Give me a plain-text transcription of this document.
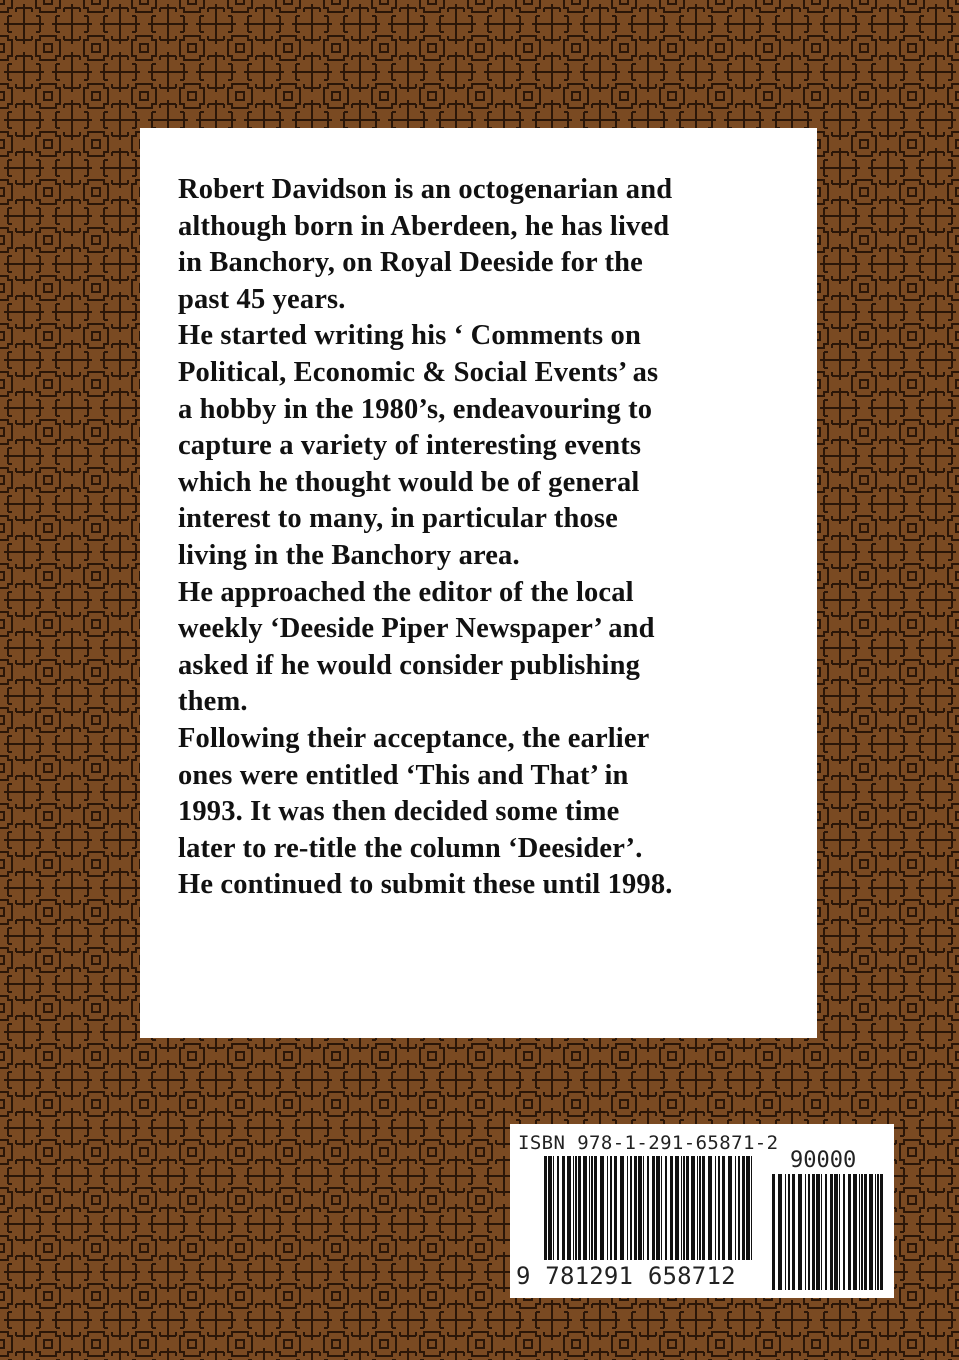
Robert Davidson is an octogenarian and
although born in Aberdeen, he has lived
in Banchory, on Royal Deeside for the
past 45 years.

He started writing his ‘ Comments on
Political, Economic & Social Events’ as
a hobby in the 1980’s, endeavouring to
capture a variety of interesting events
which he thought would be of general
interest to many, in particular those
living in the Banchory area.

He approached the editor of the local
weekly ‘Deeside Piper Newspaper’ and
asked if he would consider publishing
them.

Following their acceptance, the earlier
ones were entitled ‘This and That’ in
1993. It was then decided some time
later to re-title the column ‘Deesider’.
He continued to submit these until 1998.

ISBN 978-1-291-65871-2
90000
9 781291 658712
